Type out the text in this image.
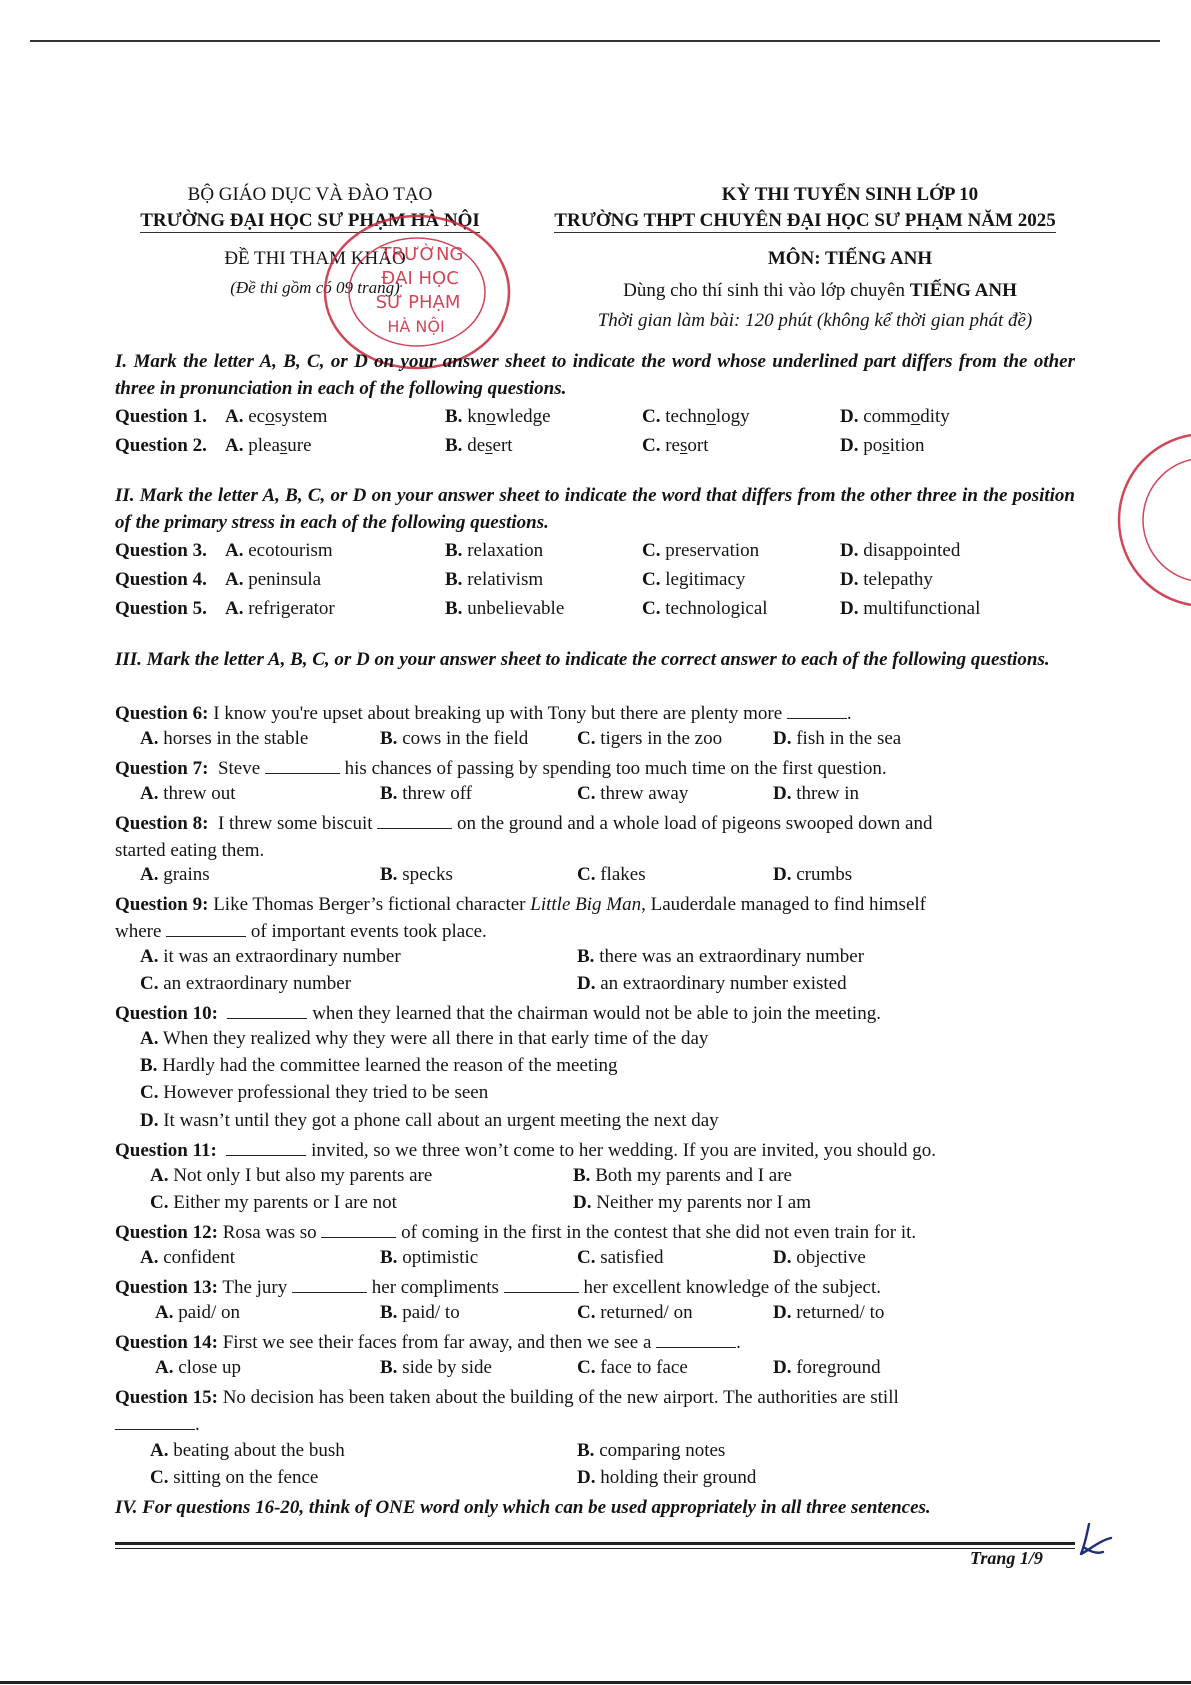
BỘ GIÁO DỤC VÀ ĐÀO TẠO
TRƯỜNG ĐẠI HỌC SƯ PHẠM HÀ NỘI
KỲ THI TUYỂN SINH LỚP 10
TRƯỜNG THPT CHUYÊN ĐẠI HỌC SƯ PHẠM NĂM 2025
ĐỀ THI THAM KHẢO
(Đề thi gồm có 09 trang)
MÔN: TIẾNG ANH
Dùng cho thí sinh thi vào lớp chuyên TIẾNG ANH
Thời gian làm bài: 120 phút (không kể thời gian phát đề)
TRƯỜNG
ĐẠI HỌC
SƯ PHẠM
HÀ NỘI
I. Mark the letter A, B, C, or D on your answer sheet to indicate the word whose underlined part differs from the other three in pronunciation in each of the following questions.
Question 1. A. ecosystem	B. knowledge	C. technology	D. commodity
Question 2. A. pleasure	B. desert	C. resort	D. position
II. Mark the letter A, B, C, or D on your answer sheet to indicate the word that differs from the other three in the position of the primary stress in each of the following questions.
Question 3. A. ecotourism	B. relaxation	C. preservation	D. disappointed
Question 4. A. peninsula	B. relativism	C. legitimacy	D. telepathy
Question 5. A. refrigerator	B. unbelievable	C. technological	D. multifunctional
III. Mark the letter A, B, C, or D on your answer sheet to indicate the correct answer to each of the following questions.
Question 6: I know you're upset about breaking up with Tony but there are plenty more	.
A. horses in the stable	B. cows in the field	C. tigers in the zoo	D. fish in the sea
Question 7: Steve	his chances of passing by spending too much time on the first question.
A. threw out	B. threw off	C. threw away	D. threw in
Question 8: I threw some biscuit	on the ground and a whole load of pigeons swooped down and
started eating them.
A. grains	B. specks	C. flakes	D. crumbs
Question 9: Like Thomas Berger’s fictional character Little Big Man, Lauderdale managed to find himself
where	of important events took place.
A. it was an extraordinary number	B. there was an extraordinary number
C. an extraordinary number	D. an extraordinary number existed
Question 10:	when they learned that the chairman would not be able to join the meeting.
A. When they realized why they were all there in that early time of the day
B. Hardly had the committee learned the reason of the meeting
C. However professional they tried to be seen
D. It wasn’t until they got a phone call about an urgent meeting the next day
Question 11:	invited, so we three won’t come to her wedding. If you are invited, you should go.
A. Not only I but also my parents are	B. Both my parents and I are
C. Either my parents or I are not	D. Neither my parents nor I am
Question 12: Rosa was so	of coming in the first in the contest that she did not even train for it.
A. confident	B. optimistic	C. satisfied	D. objective
Question 13: The jury	her compliments	her excellent knowledge of the subject.
A. paid/ on	B. paid/ to	C. returned/ on	D. returned/ to
Question 14: First we see their faces from far away, and then we see a	.
A. close up	B. side by side	C. face to face	D. foreground
Question 15: No decision has been taken about the building of the new airport. The authorities are still
.
A. beating about the bush	B. comparing notes
C. sitting on the fence	D. holding their ground
IV. For questions 16-20, think of ONE word only which can be used appropriately in all three sentences.
Trang 1/9
